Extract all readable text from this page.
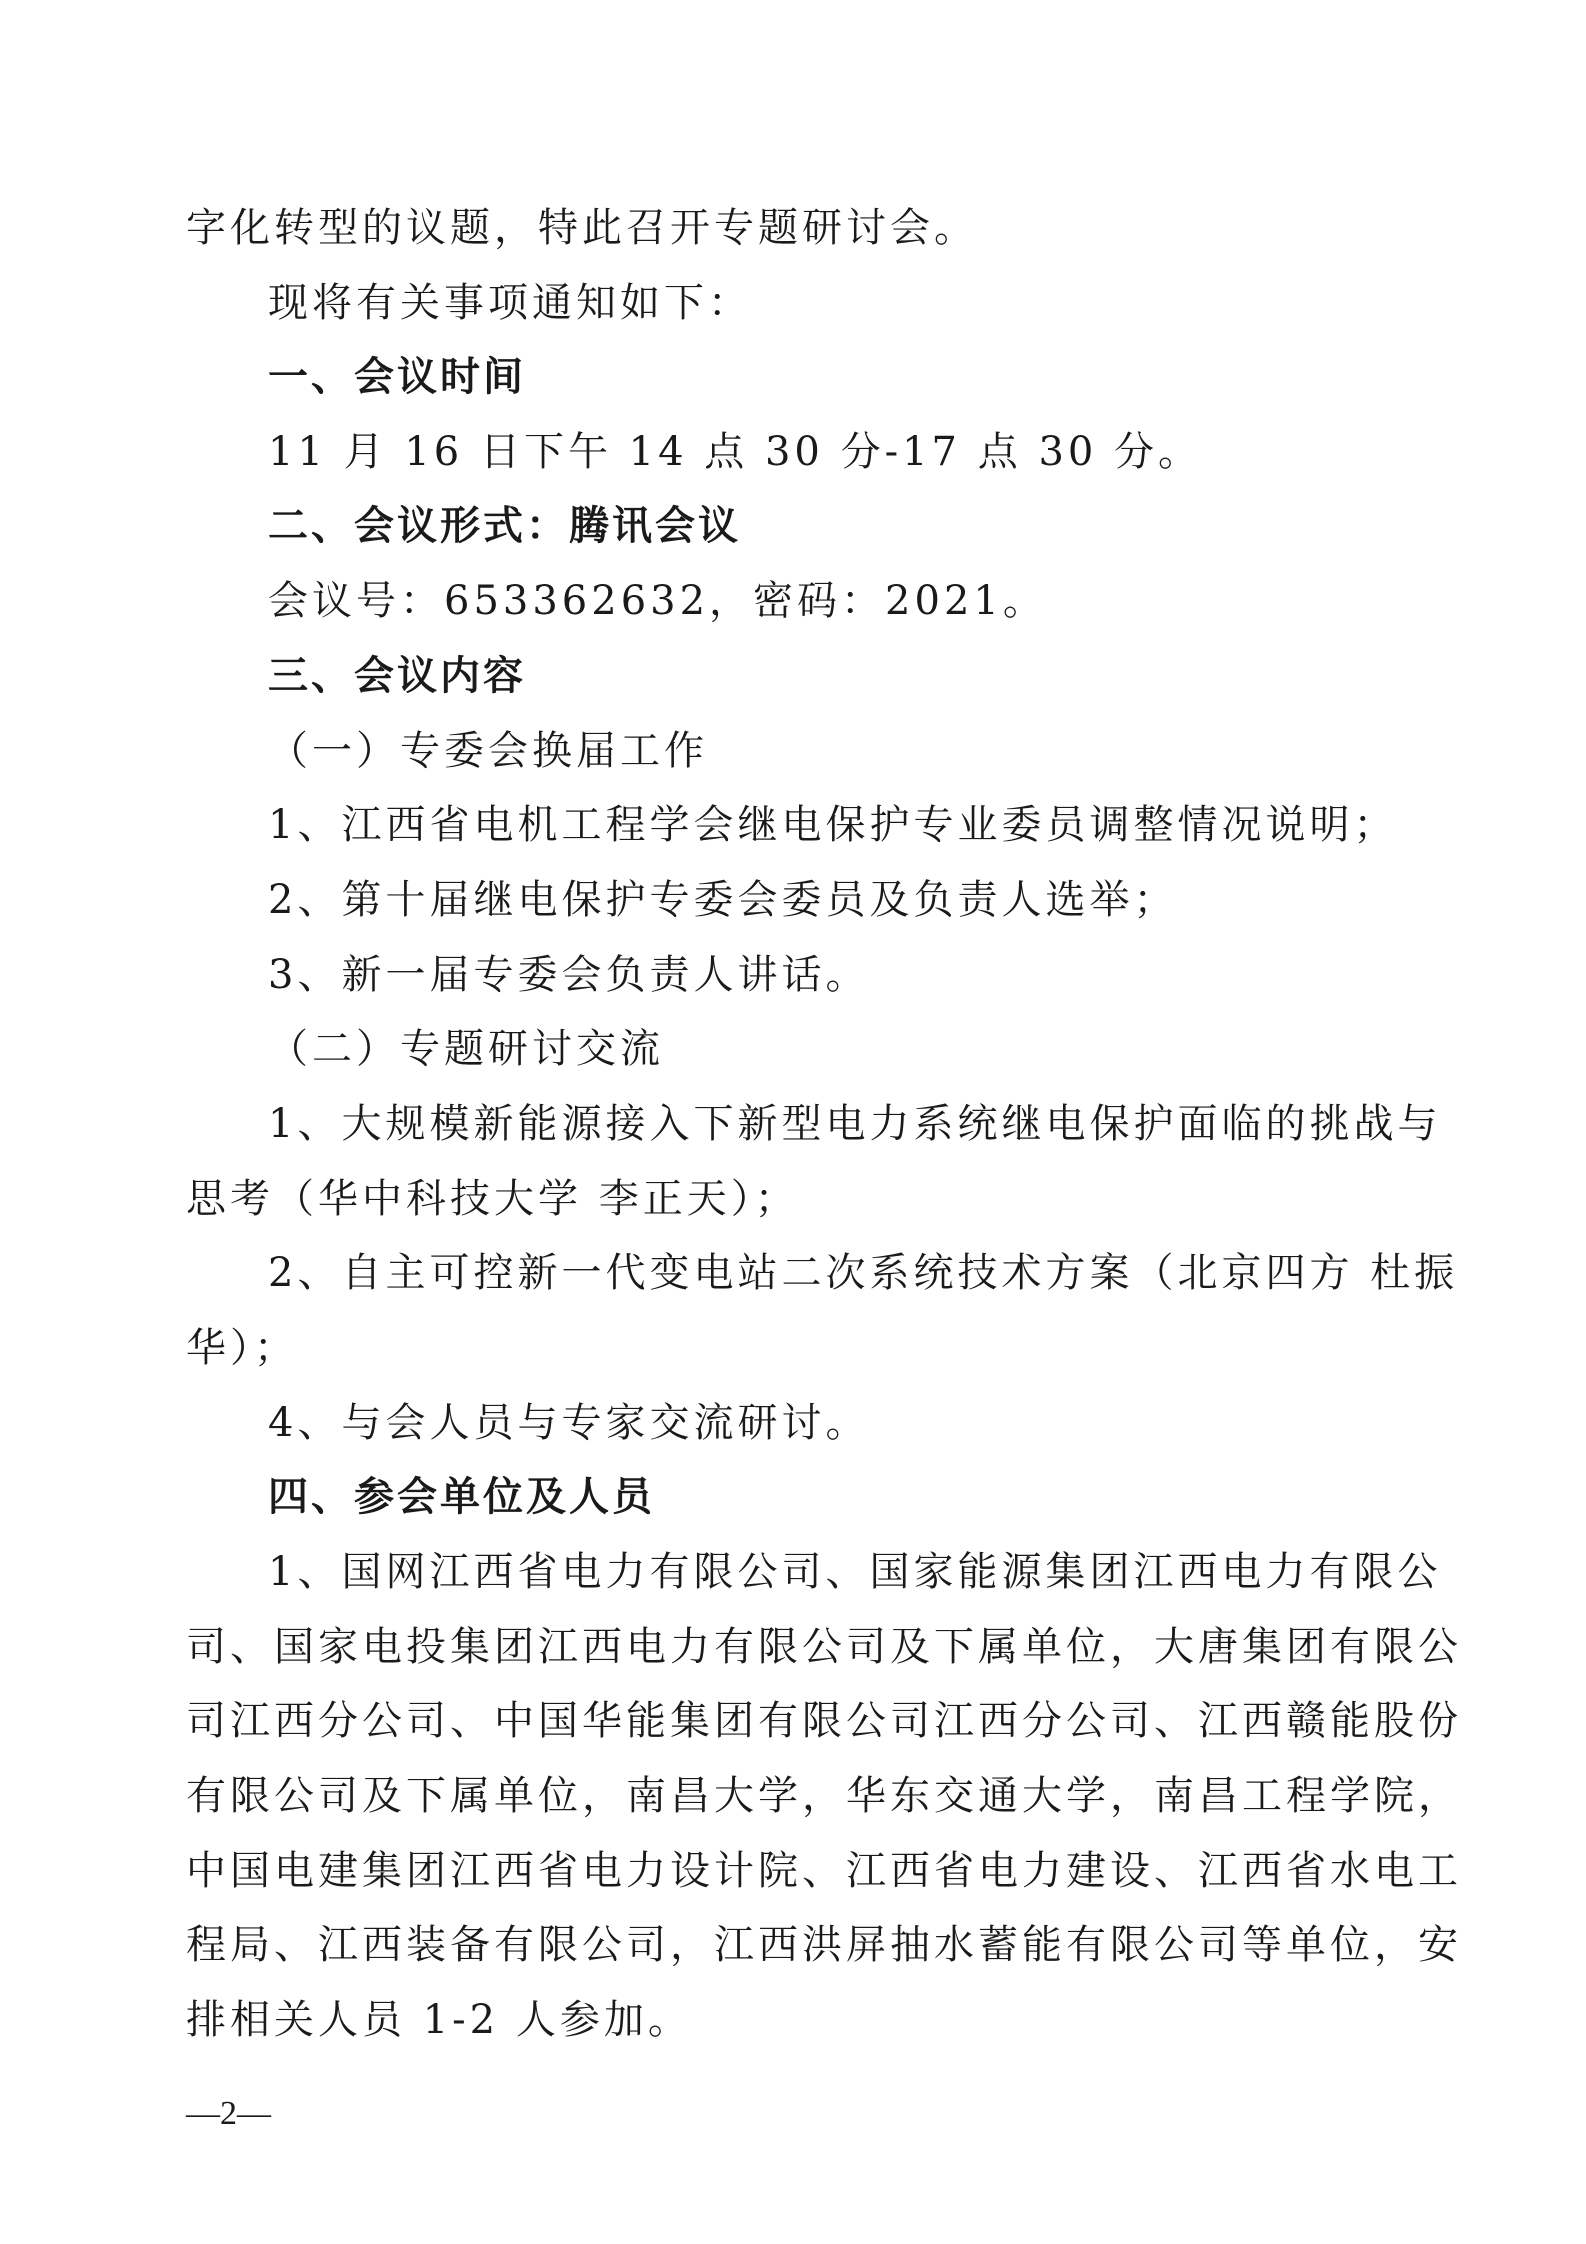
字化转型的议题，特此召开专题研讨会。
现将有关事项通知如下：
一、会议时间
11 月 16 日下午 14 点 30 分-17 点 30 分。
二、会议形式：腾讯会议
会议号：653362632，密码：2021。
三、会议内容
（一）专委会换届工作
1、江西省电机工程学会继电保护专业委员调整情况说明；
2、第十届继电保护专委会委员及负责人选举；
3、新一届专委会负责人讲话。
（二）专题研讨交流
1、大规模新能源接入下新型电力系统继电保护面临的挑战与
思考（华中科技大学 李正天）；
2、自主可控新一代变电站二次系统技术方案（北京四方 杜振
华）；
4、与会人员与专家交流研讨。
四、参会单位及人员
1、国网江西省电力有限公司、国家能源集团江西电力有限公
司、国家电投集团江西电力有限公司及下属单位，大唐集团有限公
司江西分公司、中国华能集团有限公司江西分公司、江西赣能股份
有限公司及下属单位，南昌大学，华东交通大学，南昌工程学院，
中国电建集团江西省电力设计院、江西省电力建设、江西省水电工
程局、江西装备有限公司，江西洪屏抽水蓄能有限公司等单位，安
排相关人员 1-2 人参加。
—2—
